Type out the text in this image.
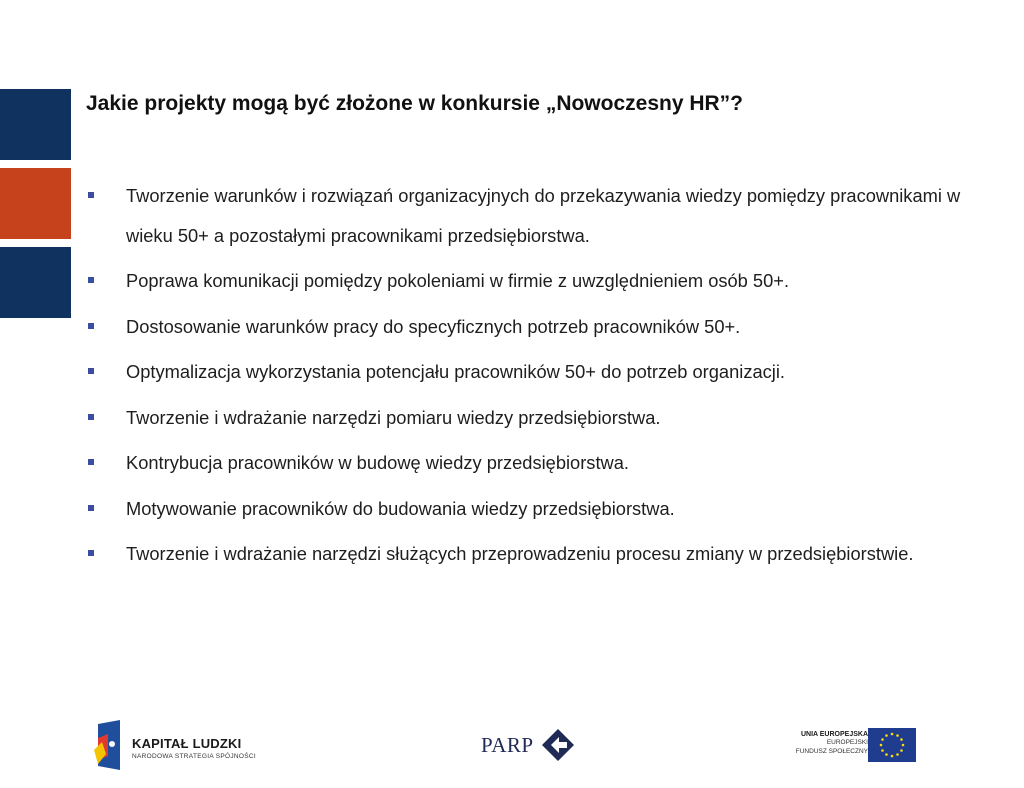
Jakie projekty mogą być złożone w konkursie „Nowoczesny HR”?
Tworzenie warunków i rozwiązań organizacyjnych do przekazywania wiedzy pomiędzy pracownikami w wieku 50+ a pozostałymi pracownikami przedsiębiorstwa.
Poprawa komunikacji pomiędzy pokoleniami w firmie z uwzględnieniem osób 50+.
Dostosowanie warunków pracy do specyficznych potrzeb pracowników 50+.
Optymalizacja wykorzystania potencjału pracowników 50+ do potrzeb organizacji.
Tworzenie i wdrażanie narzędzi pomiaru wiedzy przedsiębiorstwa.
Kontrybucja pracowników w budowę wiedzy przedsiębiorstwa.
Motywowanie pracowników do budowania wiedzy przedsiębiorstwa.
Tworzenie i wdrażanie narzędzi służących przeprowadzeniu procesu zmiany w przedsiębiorstwie.
KAPITAŁ LUDZKI
NARODOWA STRATEGIA SPÓJNOŚCI	PARP	UNIA EUROPEJSKA
EUROPEJSKI
FUNDUSZ SPOŁECZNY
